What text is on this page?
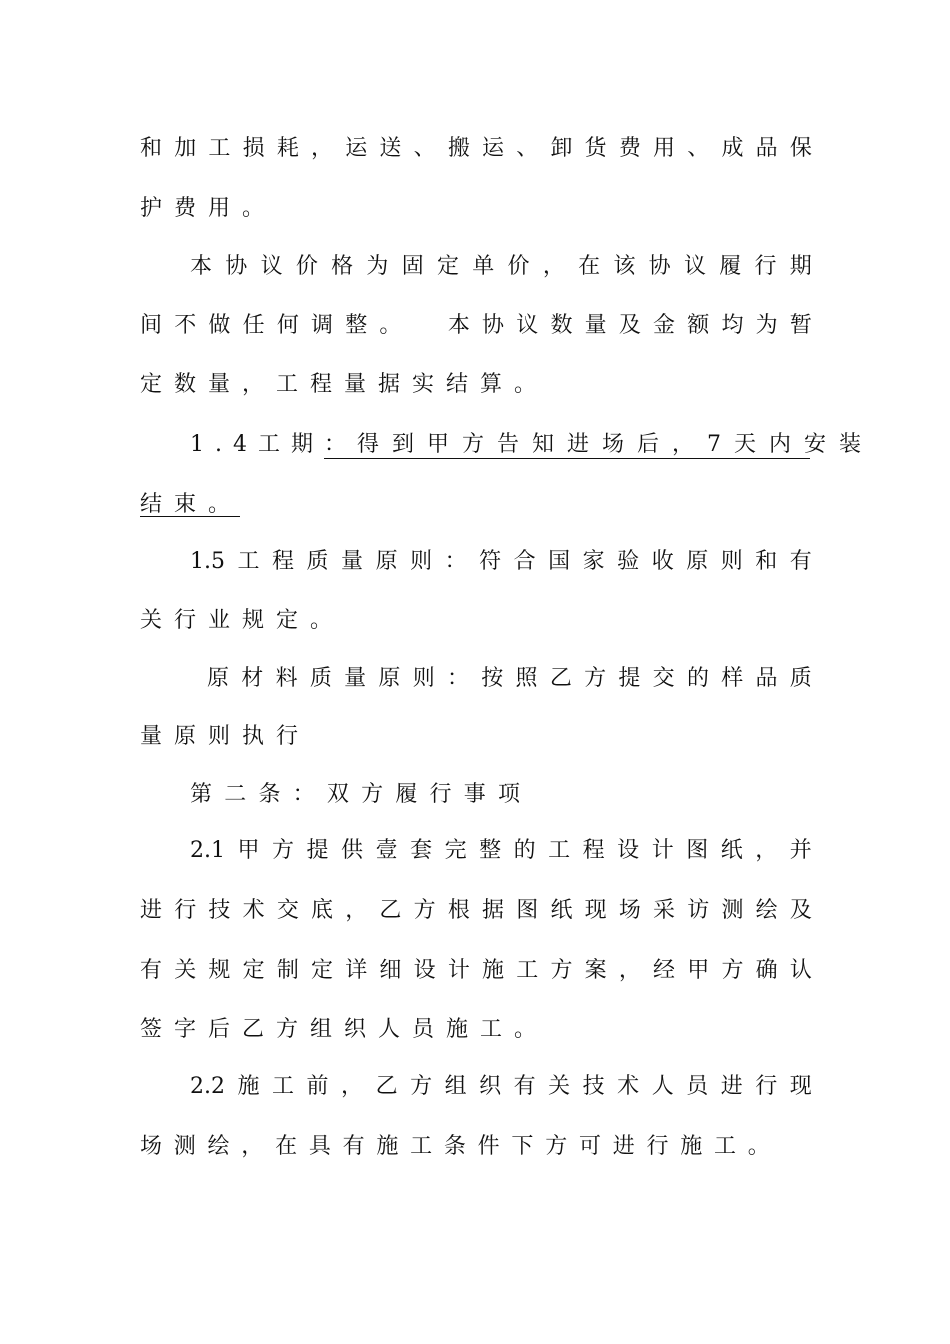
和 加 工 损 耗 ， 运 送 、 搬 运 、 卸 货 费 用 、 成 品 保
护费用。
本 协 议 价 格 为 固 定 单 价 ， 在 该 协 议 履 行 期
间 不 做 任 何 调 整 。
　 本 协 议 数 量 及 金 额 均 为 暂
定数量，工程量据实结算。
1.4工期： 得到甲方告知进场后，7天内安装
结束。
1.5 工 程 质 量 原 则 ： 符 合 国 家 验 收 原 则 和 有
关行业规定。
原 材 料 质 量 原 则 ： 按 照 乙 方 提 交 的 样 品 质
量原则执行
第 二 条 ： 双 方 履 行 事 项
2.1 甲 方 提 供 壹 套 完 整 的 工 程 设 计 图 纸 ， 并
进 行 技 术 交 底 ， 乙 方 根 据 图 纸 现 场 采 访 测 绘 及
有 关 规 定 制 定 详 细 设 计 施 工 方 案 ， 经 甲 方 确 认
签字后乙方组织人员施工。
2.2 施 工 前 ， 乙 方 组 织 有 关 技 术 人 员 进 行 现
场 测 绘 ， 在 具 有 施 工 条 件 下 方 可 进 行 施 工 。
